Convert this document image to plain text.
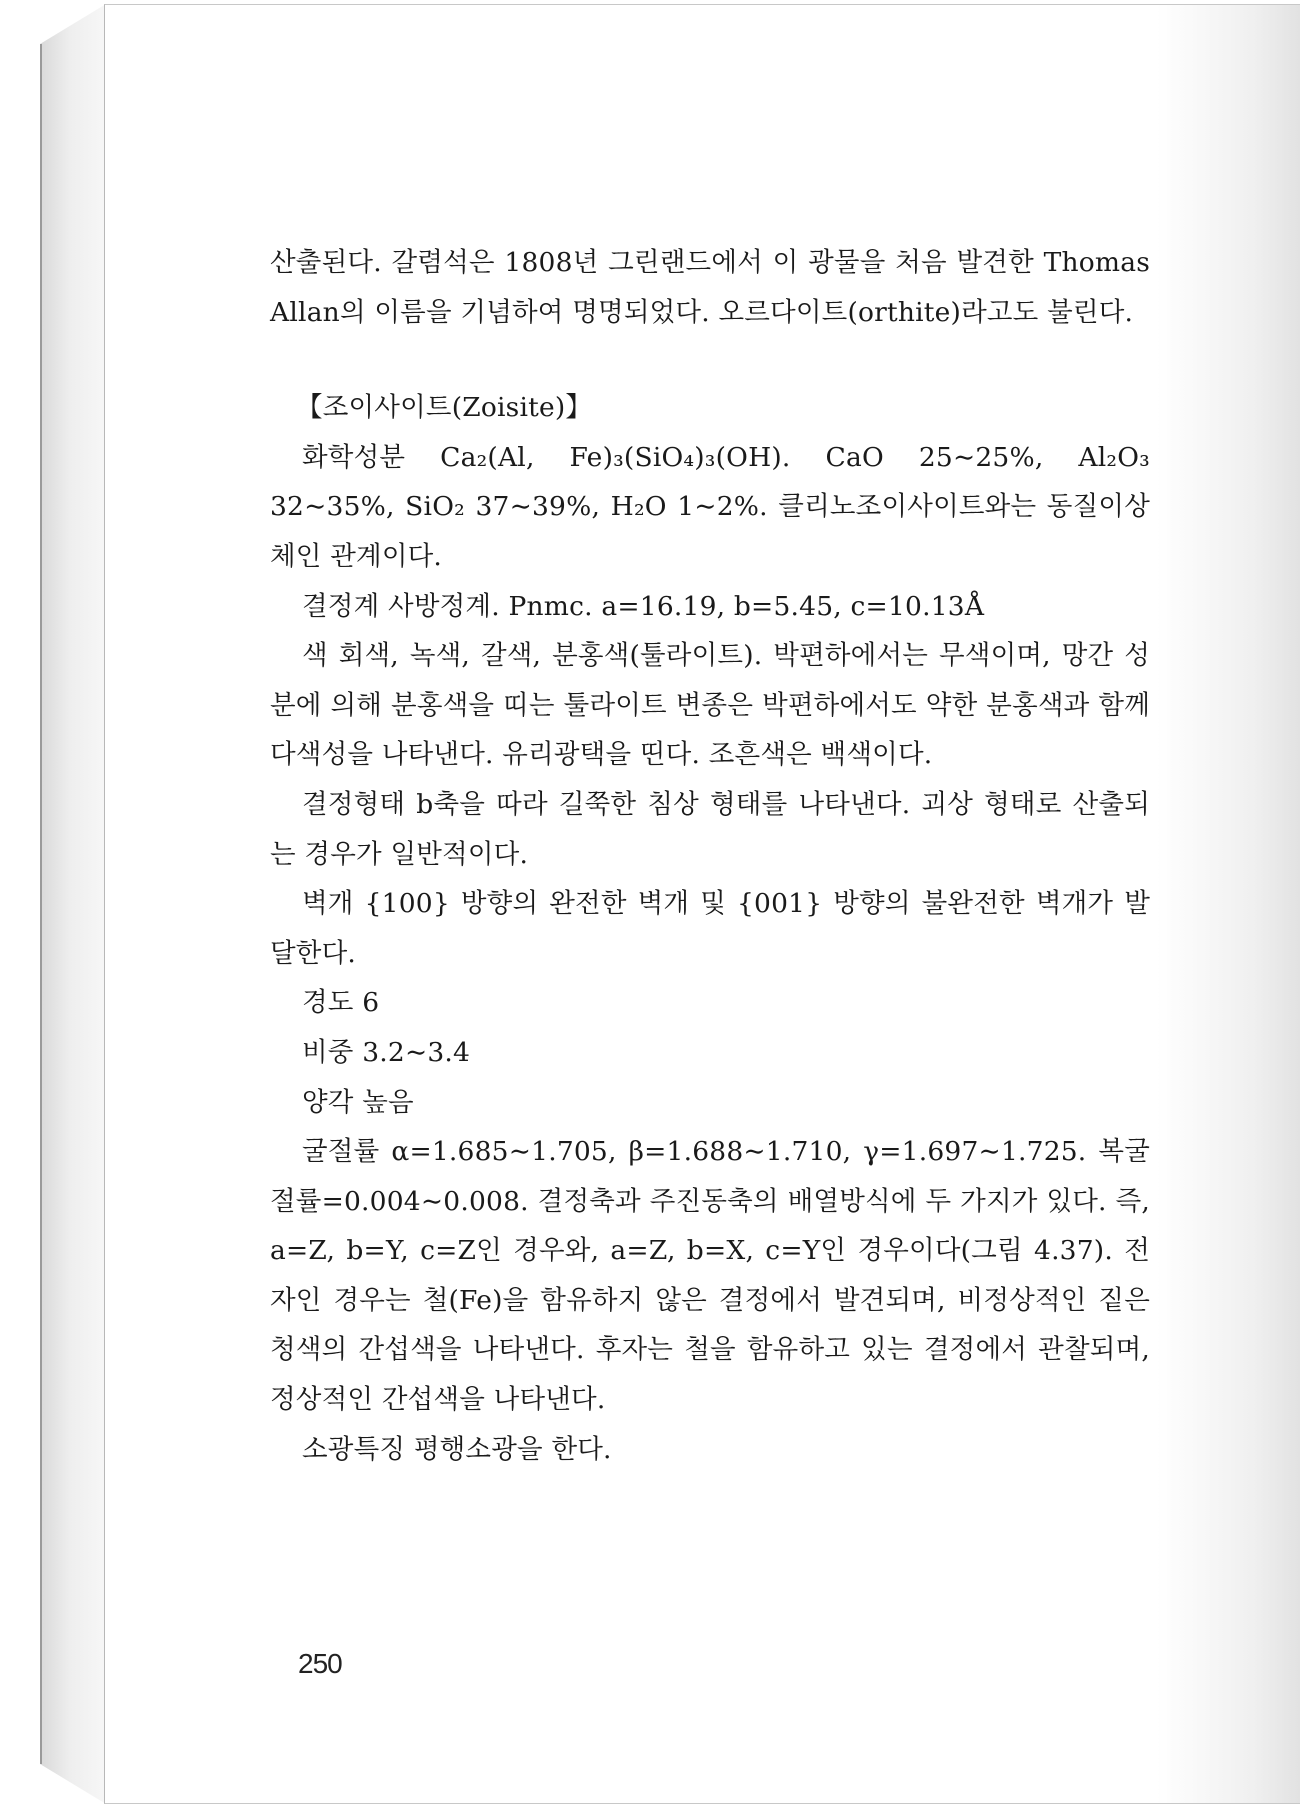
산출된다. 갈렴석은 1808년 그린랜드에서 이 광물을 처음 발견한 Thomas Allan의 이름을 기념하여 명명되었다. 오르다이트(orthite)라고도 불린다.

【조이사이트(Zoisite)】

화학성분 Ca₂(Al, Fe)₃(SiO₄)₃(OH). CaO 25∼25%, Al₂O₃ 32∼35%, SiO₂ 37∼39%, H₂O 1∼2%. 클리노조이사이트와는 동질이상체인 관계이다.

결정계 사방정계. Pnmc. a=16.19, b=5.45, c=10.13Å

색 회색, 녹색, 갈색, 분홍색(툴라이트). 박편하에서는 무색이며, 망간 성분에 의해 분홍색을 띠는 툴라이트 변종은 박편하에서도 약한 분홍색과 함께 다색성을 나타낸다. 유리광택을 띤다. 조흔색은 백색이다.

결정형태 b축을 따라 길쭉한 침상 형태를 나타낸다. 괴상 형태로 산출되는 경우가 일반적이다.

벽개 {100} 방향의 완전한 벽개 및 {001} 방향의 불완전한 벽개가 발달한다.

경도 6

비중 3.2∼3.4

양각 높음

굴절률 α=1.685∼1.705, β=1.688∼1.710, γ=1.697∼1.725. 복굴절률=0.004∼0.008. 결정축과 주진동축의 배열방식에 두 가지가 있다. 즉, a=Z, b=Y, c=Z인 경우와, a=Z, b=X, c=Y인 경우이다(그림 4.37). 전자인 경우는 철(Fe)을 함유하지 않은 결정에서 발견되며, 비정상적인 짙은 청색의 간섭색을 나타낸다. 후자는 철을 함유하고 있는 결정에서 관찰되며, 정상적인 간섭색을 나타낸다.

소광특징 평행소광을 한다.

250
